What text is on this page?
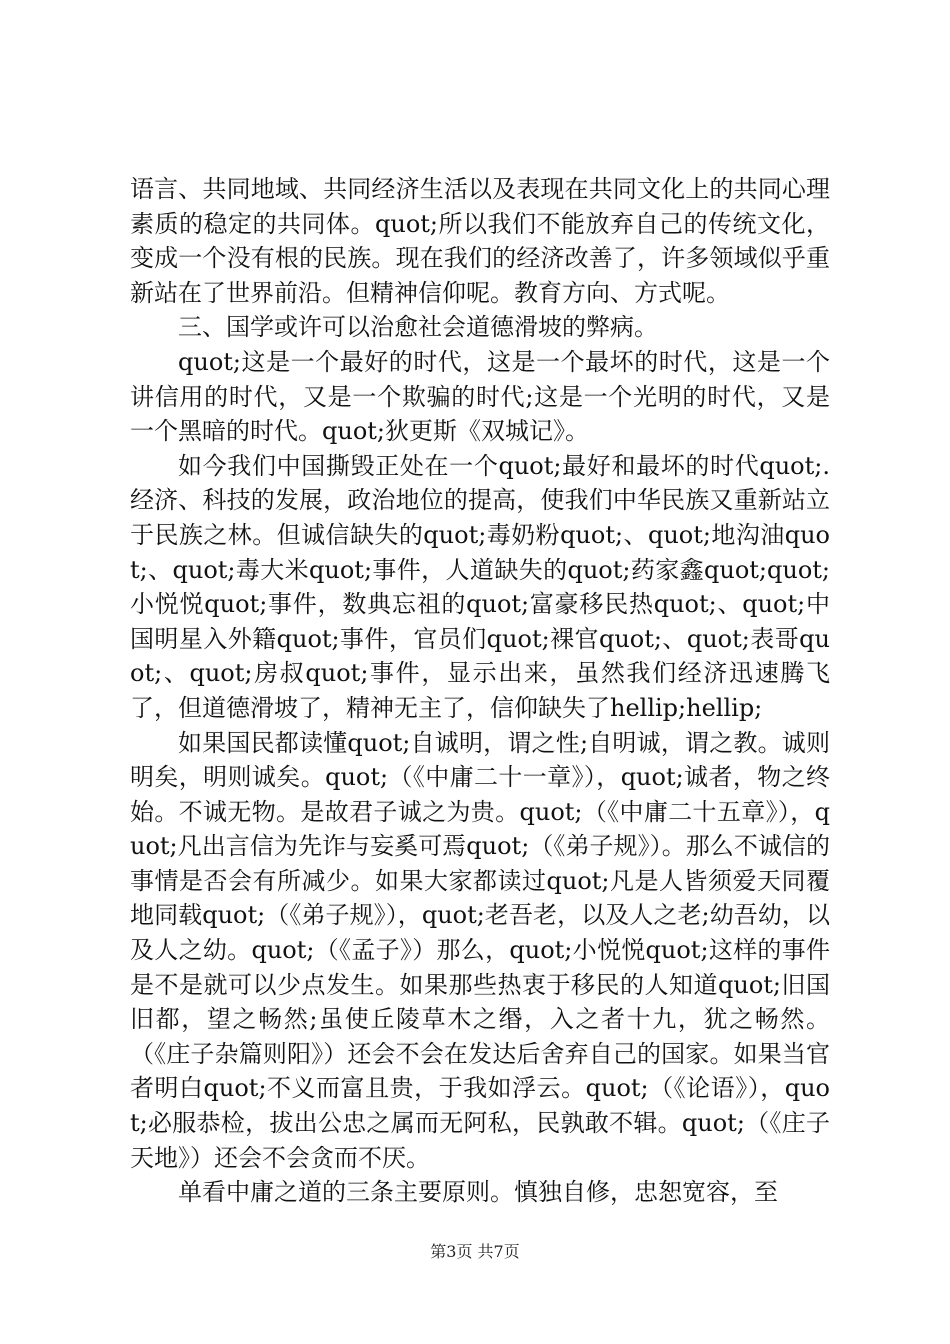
语言、共同地域、共同经济生活以及表现在共同文化上的共同心理素质的稳定的共同体。quot;所以我们不能放弃自己的传统文化，变成一个没有根的民族。现在我们的经济改善了，许多领域似乎重新站在了世界前沿。但精神信仰呢。教育方向、方式呢。

三、国学或许可以治愈社会道德滑坡的弊病。

quot;这是一个最好的时代，这是一个最坏的时代，这是一个讲信用的时代，又是一个欺骗的时代;这是一个光明的时代，又是一个黑暗的时代。quot;狄更斯《双城记》。

如今我们中国撕毁正处在一个quot;最好和最坏的时代quot;.经济、科技的发展，政治地位的提高，使我们中华民族又重新站立于民族之林。但诚信缺失的quot;毒奶粉quot;、quot;地沟油quot;、quot;毒大米quot;事件，人道缺失的quot;药家鑫quot;quot;小悦悦quot;事件，数典忘祖的quot;富豪移民热quot;、quot;中国明星入外籍quot;事件，官员们quot;裸官quot;、quot;表哥quot;、quot;房叔quot;事件，显示出来，虽然我们经济迅速腾飞了，但道德滑坡了，精神无主了，信仰缺失了hellip;hellip;

如果国民都读懂quot;自诚明，谓之性;自明诚，谓之教。诚则明矣，明则诚矣。quot;（《中庸二十一章》），quot;诚者，物之终始。不诚无物。是故君子诚之为贵。quot;（《中庸二十五章》），quot;凡出言信为先诈与妄奚可焉quot;（《弟子规》）。那么不诚信的事情是否会有所减少。如果大家都读过quot;凡是人皆须爱天同覆地同载quot;（《弟子规》），quot;老吾老，以及人之老;幼吾幼，以及人之幼。quot;（《孟子》）那么，quot;小悦悦quot;这样的事件是不是就可以少点发生。如果那些热衷于移民的人知道quot;旧国旧都，望之畅然;虽使丘陵草木之缗，入之者十九，犹之畅然。（《庄子杂篇则阳》）还会不会在发达后舍弃自己的国家。如果当官者明白quot;不义而富且贵，于我如浮云。quot;（《论语》），quot;必服恭检，拔出公忠之属而无阿私，民孰敢不辑。quot;（《庄子天地》）还会不会贪而不厌。

单看中庸之道的三条主要原则。慎独自修，忠恕宽容，至

第3页 共7页
